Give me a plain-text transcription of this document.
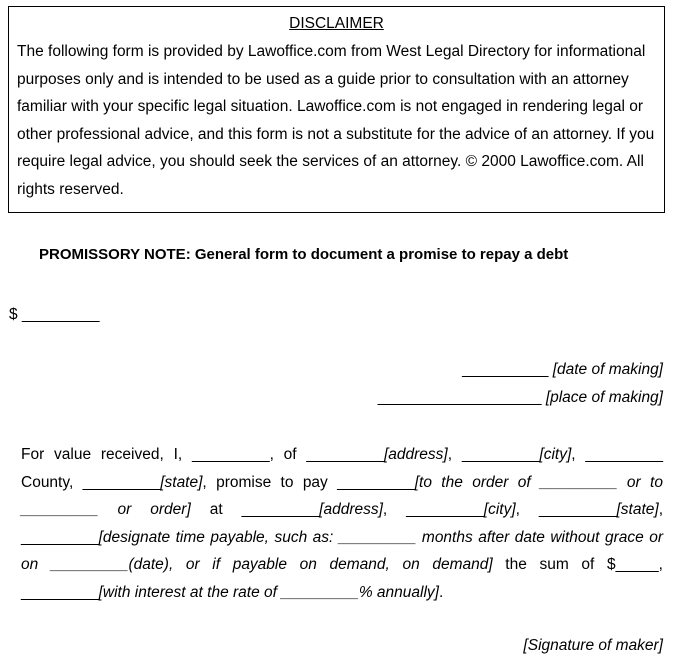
DISCLAIMER
The following form is provided by Lawoffice.com from West Legal Directory for informational purposes only and is intended to be used as a guide prior to consultation with an attorney familiar with your specific legal situation. Lawoffice.com is not engaged in rendering legal or other professional advice, and this form is not a substitute for the advice of an attorney. If you require legal advice, you should seek the services of an attorney. © 2000 Lawoffice.com. All rights reserved.
PROMISSORY NOTE: General form to document a promise to repay a debt
$ _________
__________ [date of making]
___________________ [place of making]
For value received, I, _________, of _________[address], _________[city], _________ County, _________[state], promise to pay _________[to the order of _________ or to _________ or order] at _________[address], _________[city], _________[state], _________[designate time payable, such as: _________ months after date without grace or on _________(date), or if payable on demand, on demand] the sum of $_____, _________[with interest at the rate of _________% annually].
[Signature of maker]
